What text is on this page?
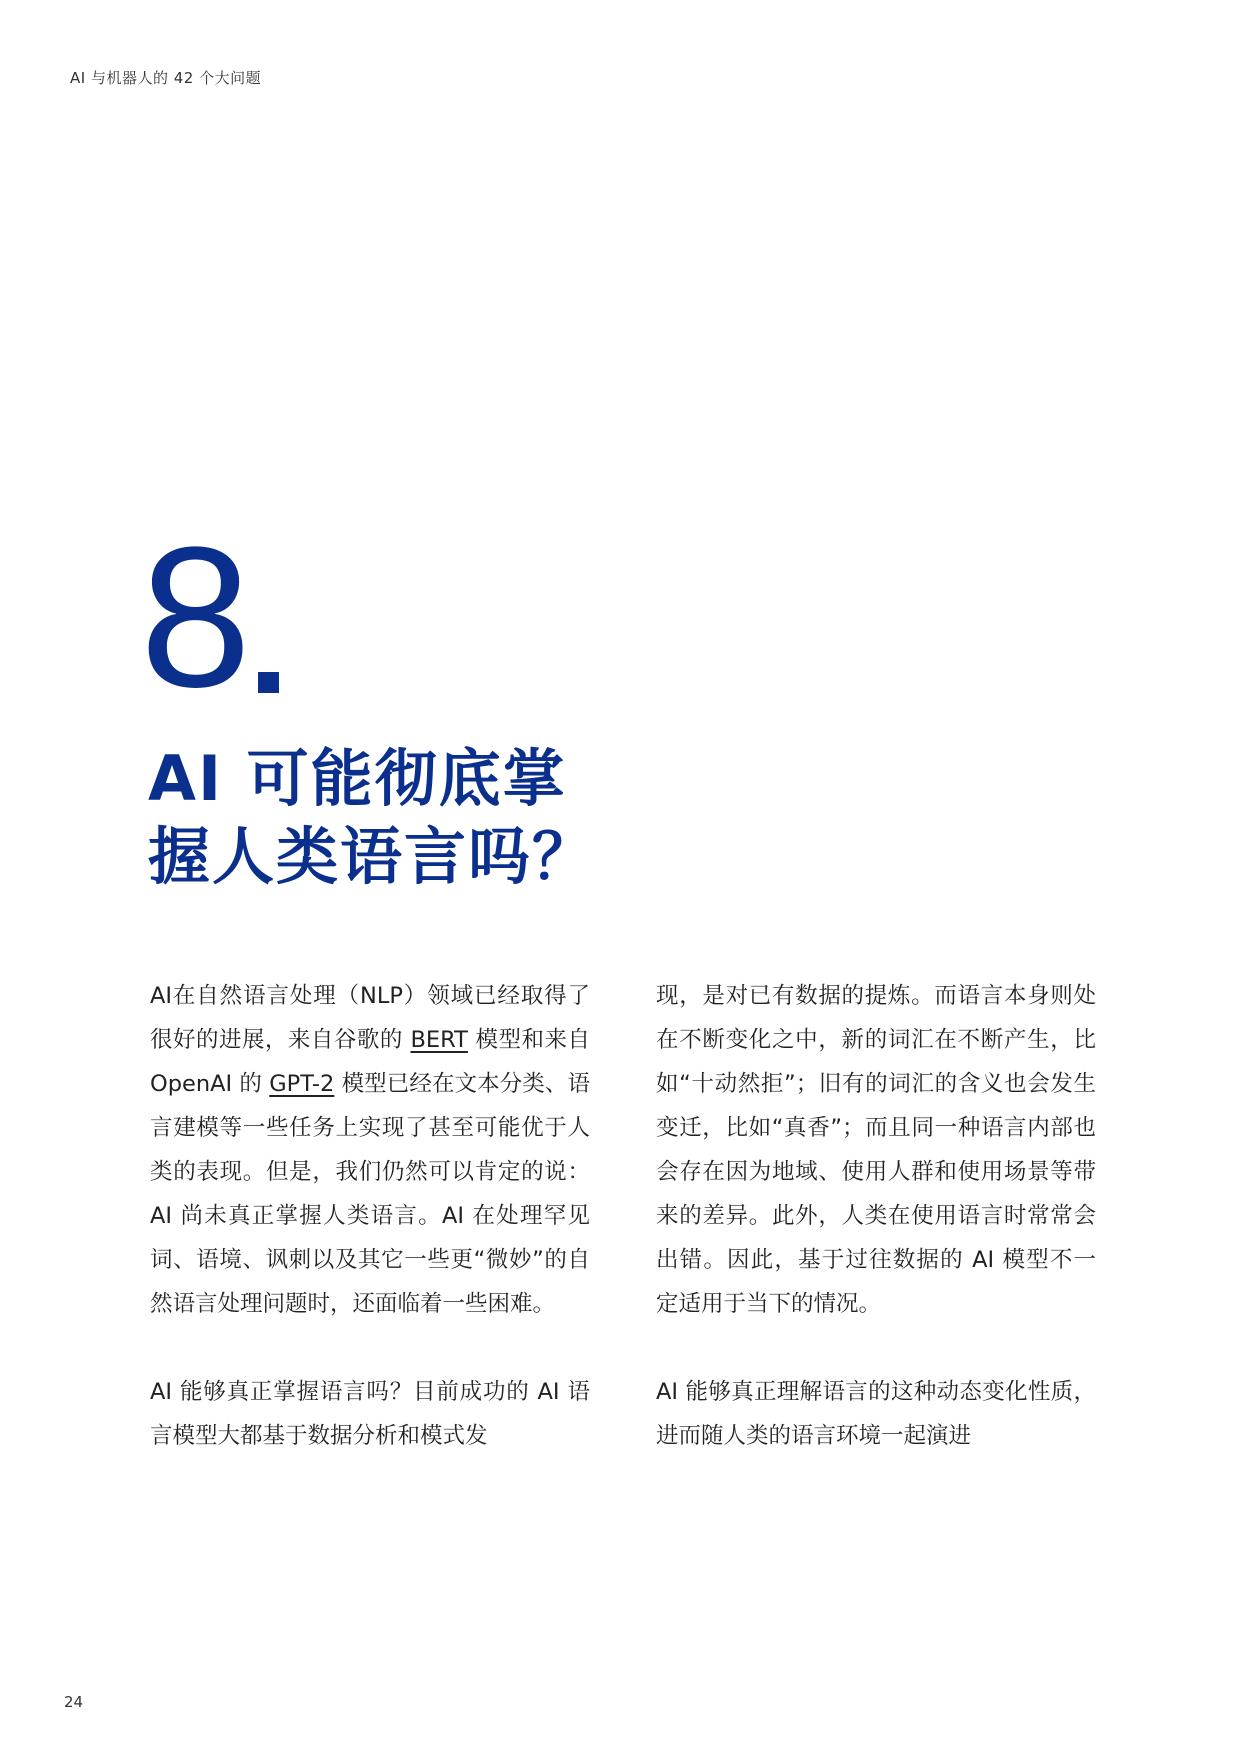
AI 与机器人的 42 个大问题
8
AI 可能彻底掌
握人类语言吗？

AI在自然语言处理（NLP）领域已经取得了很好的进展，来自谷歌的 BERT 模型和来自 OpenAI 的 GPT-2 模型已经在文本分类、语言建模等一些任务上实现了甚至可能优于人类的表现。但是，我们仍然可以肯定的说：AI 尚未真正掌握人类语言。AI 在处理罕见词、语境、讽刺以及其它一些更“微妙”的自然语言处理问题时，还面临着一些困难。

AI 能够真正掌握语言吗？目前成功的 AI 语言模型大都基于数据分析和模式发

现，是对已有数据的提炼。而语言本身则处在不断变化之中，新的词汇在不断产生，比如“十动然拒”；旧有的词汇的含义也会发生变迁，比如“真香”；而且同一种语言内部也会存在因为地域、使用人群和使用场景等带来的差异。此外，人类在使用语言时常常会出错。因此，基于过往数据的 AI 模型不一定适用于当下的情况。

AI 能够真正理解语言的这种动态变化性质，进而随人类的语言环境一起演进

24
